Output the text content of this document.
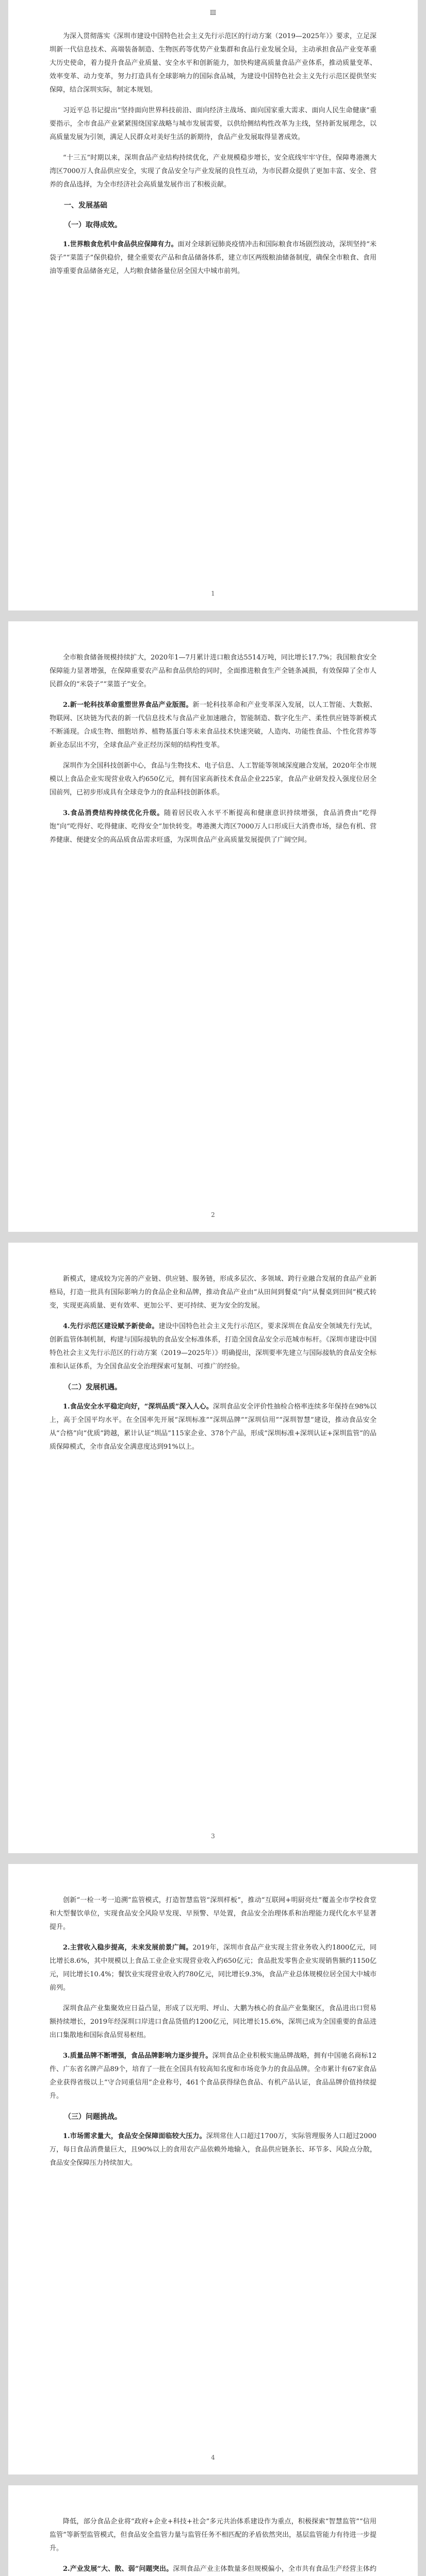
Ⅲ

为深入贯彻落实《深圳市建设中国特色社会主义先行示范区的行动方案（2019—2025年）》要求，立足深圳新一代信息技术、高端装备制造、生物医药等优势产业集群和食品行业发展全局，主动承担食品产业变革重大历史使命，着力提升食品产业质量、安全水平和创新能力，加快构建高质量食品产业体系，推动质量变革、效率变革、动力变革，努力打造具有全球影响力的国际食品城，为建设中国特色社会主义先行示范区提供坚实保障，结合深圳实际，制定本规划。

习近平总书记提出“坚持面向世界科技前沿、面向经济主战场、面向国家重大需求、面向人民生命健康”重要指示，全市食品产业紧紧围绕国家战略与城市发展需要，以供给侧结构性改革为主线，坚持新发展理念，以高质量发展为引领，满足人民群众对美好生活的新期待，食品产业发展取得显著成效。

“十三五”时期以来，深圳食品产业结构持续优化，产业规模稳步增长，安全底线牢牢守住，保障粤港澳大湾区7000万人食品供应安全，实现了食品安全与产业发展的良性互动，为市民群众提供了更加丰富、安全、营养的食品选择，为全市经济社会高质量发展作出了积极贡献。

一、发展基础
（一）取得成效。

1.世界粮食危机中食品供应保障有力。面对全球新冠肺炎疫情冲击和国际粮食市场剧烈波动，深圳坚持“米袋子”“菜篮子”保供稳价，健全重要农产品和食品储备体系，建立市区两级粮油储备制度，确保全市粮食、食用油等重要食品储备充足，人均粮食储备量位居全国大中城市前列。

1

全市粮食储备规模持续扩大，2020年1—7月累计进口粮食达5514万吨，同比增长17.7%；我国粮食安全保障能力显著增强，在保障重要农产品和食品供给的同时，全面推进粮食生产全链条减损，有效保障了全市人民群众的“米袋子”“菜篮子”安全。

2.新一轮科技革命重塑世界食品产业版图。新一轮科技革命和产业变革深入发展，以人工智能、大数据、物联网、区块链为代表的新一代信息技术与食品产业加速融合，智能制造、数字化生产、柔性供应链等新模式不断涌现。合成生物、细胞培养、植物基蛋白等未来食品技术快速突破，人造肉、功能性食品、个性化营养等新业态层出不穷，全球食品产业正经历深刻的结构性变革。

深圳作为全国科技创新中心，食品与生物技术、电子信息、人工智能等领域深度融合发展，2020年全市规模以上食品企业实现营业收入约650亿元，拥有国家高新技术食品企业225家，食品产业研发投入强度位居全国前列，已初步形成具有全球竞争力的食品科技创新体系。

3.食品消费结构持续优化升级。随着居民收入水平不断提高和健康意识持续增强，食品消费由“吃得饱”向“吃得好、吃得健康、吃得安全”加快转变。粤港澳大湾区7000万人口形成巨大消费市场，绿色有机、营养健康、便捷安全的高品质食品需求旺盛，为深圳食品产业高质量发展提供了广阔空间。

2

新模式，建成较为完善的产业链、供应链、服务链，形成多层次、多领域、跨行业融合发展的食品产业新格局，打造一批具有国际影响力的食品企业和品牌，推动食品产业由“从田间到餐桌”向“从餐桌到田间”模式转变，实现更高质量、更有效率、更加公平、更可持续、更为安全的发展。

4.先行示范区建设赋予新使命。建设中国特色社会主义先行示范区，要求深圳在食品安全领域先行先试，创新监管体制机制，构建与国际接轨的食品安全标准体系，打造全国食品安全示范城市标杆。《深圳市建设中国特色社会主义先行示范区的行动方案（2019—2025年）》明确提出，深圳要率先建立与国际接轨的食品安全标准和认证体系，为全国食品安全治理探索可复制、可推广的经验。

（二）发展机遇。

1.食品安全水平稳定向好，“深圳品质”深入人心。深圳食品安全评价性抽检合格率连续多年保持在98%以上，高于全国平均水平。在全国率先开展“深圳标准”“深圳品牌”“深圳信用”“深圳智慧”建设，推动食品安全从“合格”向“优质”跨越，累计认证“圳品”115家企业、378个产品，形成“深圳标准+深圳认证+深圳监管”的品质保障模式，全市食品安全满意度达到91%以上。

3

创新“一检一考一追溯”监管模式，打造智慧监管“深圳样板”，推动“互联网+明厨亮灶”覆盖全市学校食堂和大型餐饮单位，实现食品安全风险早发现、早预警、早处置，食品安全治理体系和治理能力现代化水平显著提升。

2.主营收入稳步提高，未来发展前景广阔。2019年，深圳市食品产业实现主营业务收入约1800亿元，同比增长8.6%，其中规模以上食品工业企业实现营业收入约650亿元；食品批发零售企业实现销售额约1150亿元，同比增长10.4%；餐饮业实现营业收入约780亿元，同比增长9.3%，食品产业总体规模位居全国大中城市前列。

深圳食品产业集聚效应日益凸显，形成了以光明、坪山、大鹏为核心的食品产业集聚区，食品进出口贸易额持续增长，2019年经深圳口岸进口食品货值约1200亿元，同比增长15.6%，深圳已成为全国重要的食品进出口集散地和国际食品贸易枢纽。

3.质量品牌不断增强，食品品牌影响力逐步提升。深圳食品企业积极实施品牌战略，拥有中国驰名商标12件、广东省名牌产品89个，培育了一批在全国具有较高知名度和市场竞争力的食品品牌。全市累计有67家食品企业获得省级以上“守合同重信用”企业称号，461个食品获得绿色食品、有机产品认证，食品品牌价值持续提升。

（三）问题挑战。

1.市场需求量大，食品安全保障面临较大压力。深圳常住人口超过1700万，实际管理服务人口超过2000万，每日食品消费量巨大，且90%以上的食用农产品依赖外地输入，食品供应链条长、环节多、风险点分散，食品安全保障压力持续加大。

4

降低，部分食品企业将“政府+企业+科技+社会”多元共治体系建设作为重点，积极探索“智慧监管”“信用监管”等新型监管模式，但食品安全监管力量与监管任务不相匹配的矛盾依然突出，基层监管能力有待进一步提升。

2.产业发展“大、散、弱”问题突出。深圳食品产业主体数量多但规模偏小，全市共有食品生产经营主体约
